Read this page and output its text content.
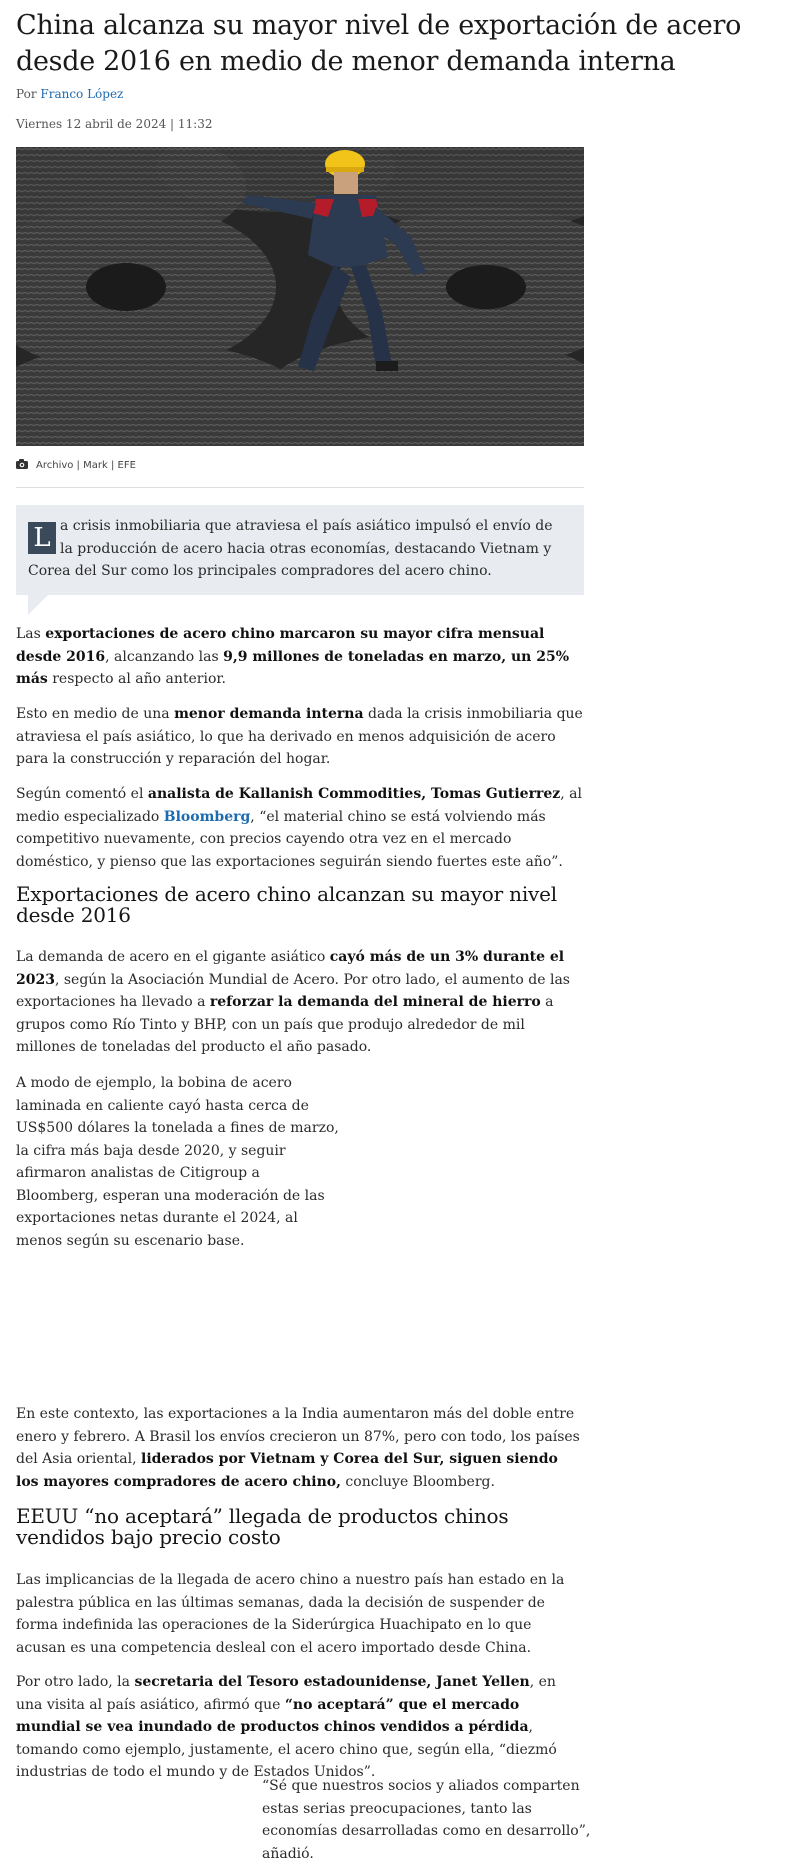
China alcanza su mayor nivel de exportación de acero desde 2016 en medio de menor demanda interna

Por Franco López

Viernes 12 abril de 2024 | 11:32

Archivo | Mark | EFE

L a crisis inmobiliaria que atraviesa el país asiático impulsó el envío de la producción de acero hacia otras economías, destacando Vietnam y Corea del Sur como los principales compradores del acero chino.

Las exportaciones de acero chino marcaron su mayor cifra mensual desde 2016, alcanzando las 9,9 millones de toneladas en marzo, un 25% más respecto al año anterior.

Esto en medio de una menor demanda interna dada la crisis inmobiliaria que atraviesa el país asiático, lo que ha derivado en menos adquisición de acero para la construcción y reparación del hogar.

Según comentó el analista de Kallanish Commodities, Tomas Gutierrez, al medio especializado Bloomberg, “el material chino se está volviendo más competitivo nuevamente, con precios cayendo otra vez en el mercado doméstico, y pienso que las exportaciones seguirán siendo fuertes este año”.

Exportaciones de acero chino alcanzan su mayor nivel desde 2016

La demanda de acero en el gigante asiático cayó más de un 3% durante el 2023, según la Asociación Mundial de Acero. Por otro lado, el aumento de las exportaciones ha llevado a reforzar la demanda del mineral de hierro a grupos como Río Tinto y BHP, con un país que produjo alrededor de mil millones de toneladas del producto el año pasado.

A modo de ejemplo, la bobina de acero laminada en caliente cayó hasta cerca de US$500 dólares la tonelada a fines de marzo, la cifra más baja desde 2020, y seguir afirmaron analistas de Citigroup a Bloomberg, esperan una moderación de las exportaciones netas durante el 2024, al menos según su escenario base.

En este contexto, las exportaciones a la India aumentaron más del doble entre enero y febrero. A Brasil los envíos crecieron un 87%, pero con todo, los países del Asia oriental, liderados por Vietnam y Corea del Sur, siguen siendo los mayores compradores de acero chino, concluye Bloomberg.

EEUU “no aceptará” llegada de productos chinos vendidos bajo precio costo

Las implicancias de la llegada de acero chino a nuestro país han estado en la palestra pública en las últimas semanas, dada la decisión de suspender de forma indefinida las operaciones de la Siderúrgica Huachipato en lo que acusan es una competencia desleal con el acero importado desde China.

Por otro lado, la secretaria del Tesoro estadounidense, Janet Yellen, en una visita al país asiático, afirmó que “no aceptará” que el mercado mundial se vea inundado de productos chinos vendidos a pérdida, tomando como ejemplo, justamente, el acero chino que, según ella, “diezmó industrias de todo el mundo y de Estados Unidos”.

“Sé que nuestros socios y aliados comparten estas serias preocupaciones, tanto las economías desarrolladas como en desarrollo”, añadió.
